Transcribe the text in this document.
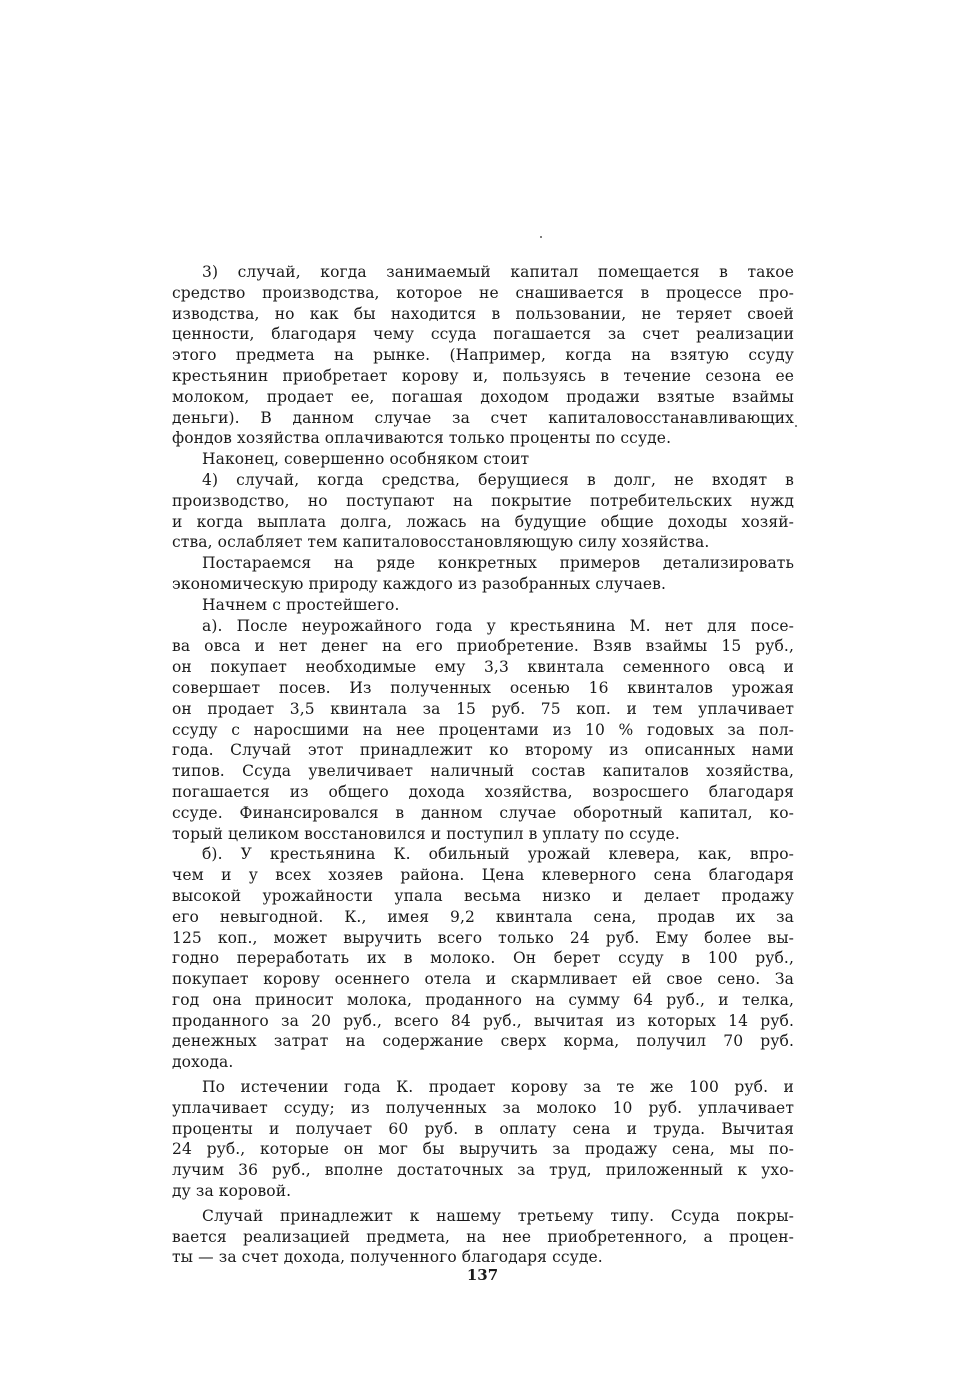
3) случай, когда занимаемый капитал помещается в такое
средство производства, которое не снашивается в процессе про-
изводства, но как бы находится в пользовании, не теряет своей
ценности, благодаря чему ссуда погашается за счет реализации
этого предмета на рынке. (Например, когда на взятую ссуду
крестьянин приобретает корову и, пользуясь в течение сезона ее
молоком, продает ее, погашая доходом продажи взятые взаймы
деньги). В данном случае за счет капиталовосстанавливающих
фондов хозяйства оплачиваются только проценты по ссуде.
Наконец, совершенно особняком стоит
4) случай, когда средства, берущиеся в долг, не входят в
производство, но поступают на покрытие потребительских нужд
и когда выплата долга, ложась на будущие общие доходы хозяй-
ства, ослабляет тем капиталовосстановляющую силу хозяйства.
Постараемся на ряде конкретных примеров детализировать
экономическую природу каждого из разобранных случаев.
Начнем с простейшего.
а). После неурожайного года у крестьянина М. нет для посе-
ва овса и нет денег на его приобретение. Взяв взаймы 15 руб.,
он покупает необходимые ему 3,3 квинтала семенного овса и
совершает посев. Из полученных осенью 16 квинталов урожая
он продает 3,5 квинтала за 15 руб. 75 коп. и тем уплачивает
ссуду с наросшими на нее процентами из 10 % годовых за пол-
года. Случай этот принадлежит ко второму из описанных нами
типов. Ссуда увеличивает наличный состав капиталов хозяйства,
погашается из общего дохода хозяйства, возросшего благодаря
ссуде. Финансировался в данном случае оборотный капитал, ко-
торый целиком восстановился и поступил в уплату по ссуде.
б). У крестьянина К. обильный урожай клевера, как, впро-
чем и у всех хозяев района. Цена клеверного сена благодаря
высокой урожайности упала весьма низко и делает продажу
его невыгодной. К., имея 9,2 квинтала сена, продав их за
125 коп., может выручить всего только 24 руб. Ему более вы-
годно переработать их в молоко. Он берет ссуду в 100 руб.,
покупает корову осеннего отела и скармливает ей свое сено. За
год она приносит молока, проданного на сумму 64 руб., и телка,
проданного за 20 руб., всего 84 руб., вычитая из которых 14 руб.
денежных затрат на содержание сверх корма, получил 70 руб.
дохода.
По истечении года К. продает корову за те же 100 руб. и
уплачивает ссуду; из полученных за молоко 10 руб. уплачивает
проценты и получает 60 руб. в оплату сена и труда. Вычитая
24 руб., которые он мог бы выручить за продажу сена, мы по-
лучим 36 руб., вполне достаточных за труд, приложенный к ухо-
ду за коровой.
Случай принадлежит к нашему третьему типу. Ссуда покры-
вается реализацией предмета, на нее приобретенного, а процен-
ты — за счет дохода, полученного благодаря ссуде.
137
